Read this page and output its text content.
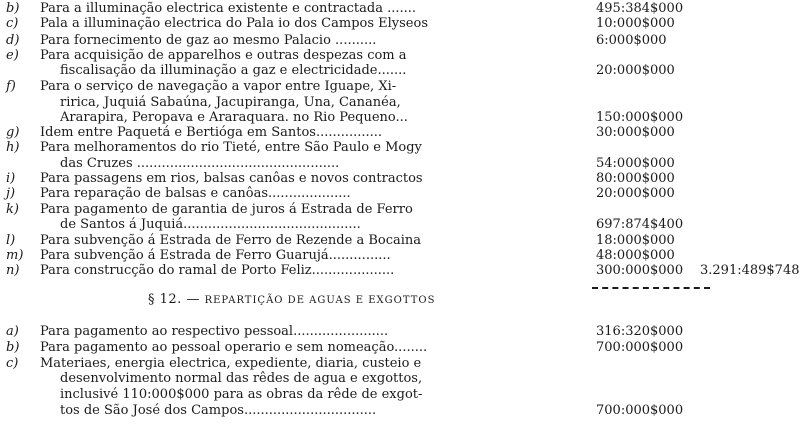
b) Para a illuminação electrica existente e contractada .......	495:384$000
c) Pala a illuminação electrica do Pala io dos Campos Elyseos	10:000$000
d) Para fornecimento de gaz ao mesmo Palacio ..........	6:000$000
e) Para acquisição de apparelhos e outras despezas com a
fiscalisação da illuminação a gaz e electricidade.......	20:000$000
f) Para o serviço de navegação a vapor entre Iguape, Xi-
ririca, Juquiá Sabaúna, Jacupiranga, Una, Cananéa,
Ararapira, Peropava e Araraquara. no Rio Pequeno...	150:000$000
g) Idem entre Paquetá e Bertióga em Santos................	30:000$000
h) Para melhoramentos do rio Tieté, entre São Paulo e Mogy
das Cruzes .................................................	54:000$000
i) Para passagens em rios, balsas canôas e novos contractos	80:000$000
j) Para reparação de balsas e canôas....................	20:000$000
k) Para pagamento de garantia de juros á Estrada de Ferro
de Santos á Juquiá...........................................	697:874$400
l) Para subvenção á Estrada de Ferro de Rezende a Bocaina	18:000$000
m) Para subvenção á Estrada de Ferro Guarujá...............	48:000$000
n) Para construcção do ramal de Porto Feliz....................	300:000$000	3.291:489$748
§ 12. — REPARTIÇÃO DE AGUAS E EXGOTTOS
a) Para pagamento ao respectivo pessoal.......................	316:320$000
b) Para pagamento ao pessoal operario e sem nomeação........	700:000$000
c) Materiaes, energia electrica, expediente, diaria, custeio e
desenvolvimento normal das rêdes de agua e exgottos,
inclusivé 110:000$000 para as obras da rêde de exgot-
tos de São José dos Campos................................	700:000$000
